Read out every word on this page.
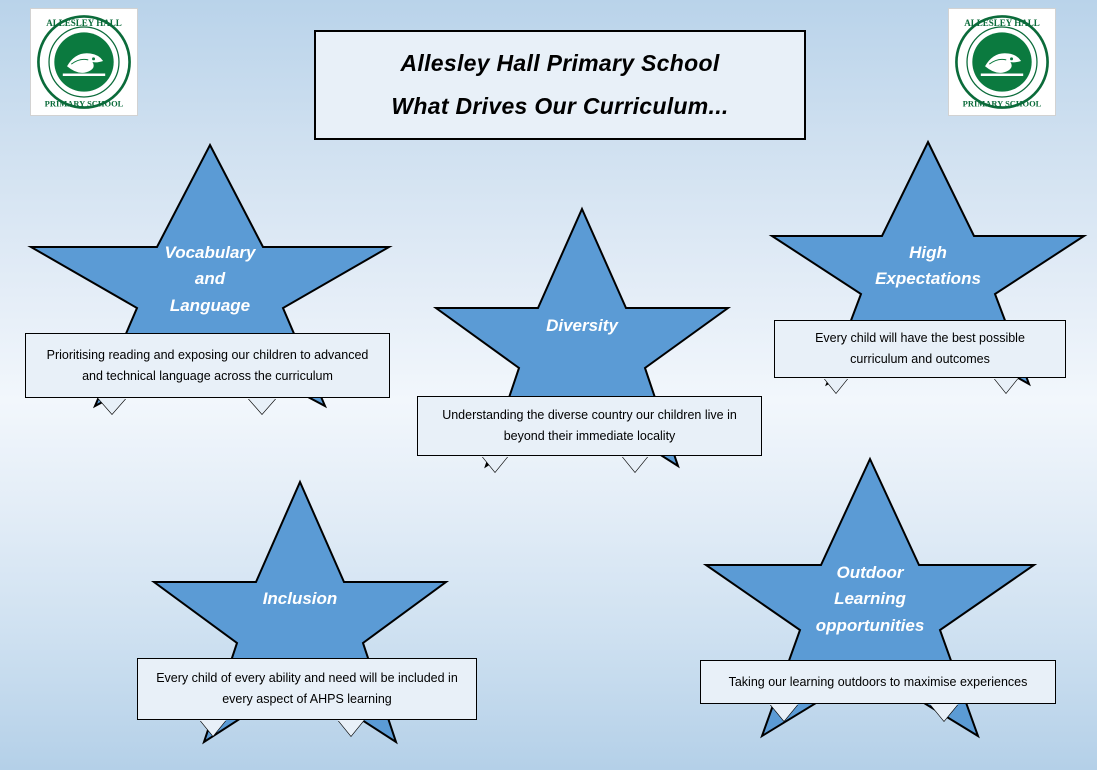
ALLESLEY HALL
PRIMARY SCHOOL
ALLESLEY HALL
PRIMARY SCHOOL
Allesley Hall Primary School
What Drives Our Curriculum...
Vocabulary
and
Language
Prioritising reading and exposing our children to advanced and technical language across the curriculum
Diversity
Understanding the diverse country our children live in beyond their immediate locality
High
Expectations
Every child will have the best possible curriculum and outcomes
Inclusion
Every child of every ability and need will be included in every aspect of AHPS learning
Outdoor
Learning
opportunities
Taking our learning outdoors to maximise experiences
